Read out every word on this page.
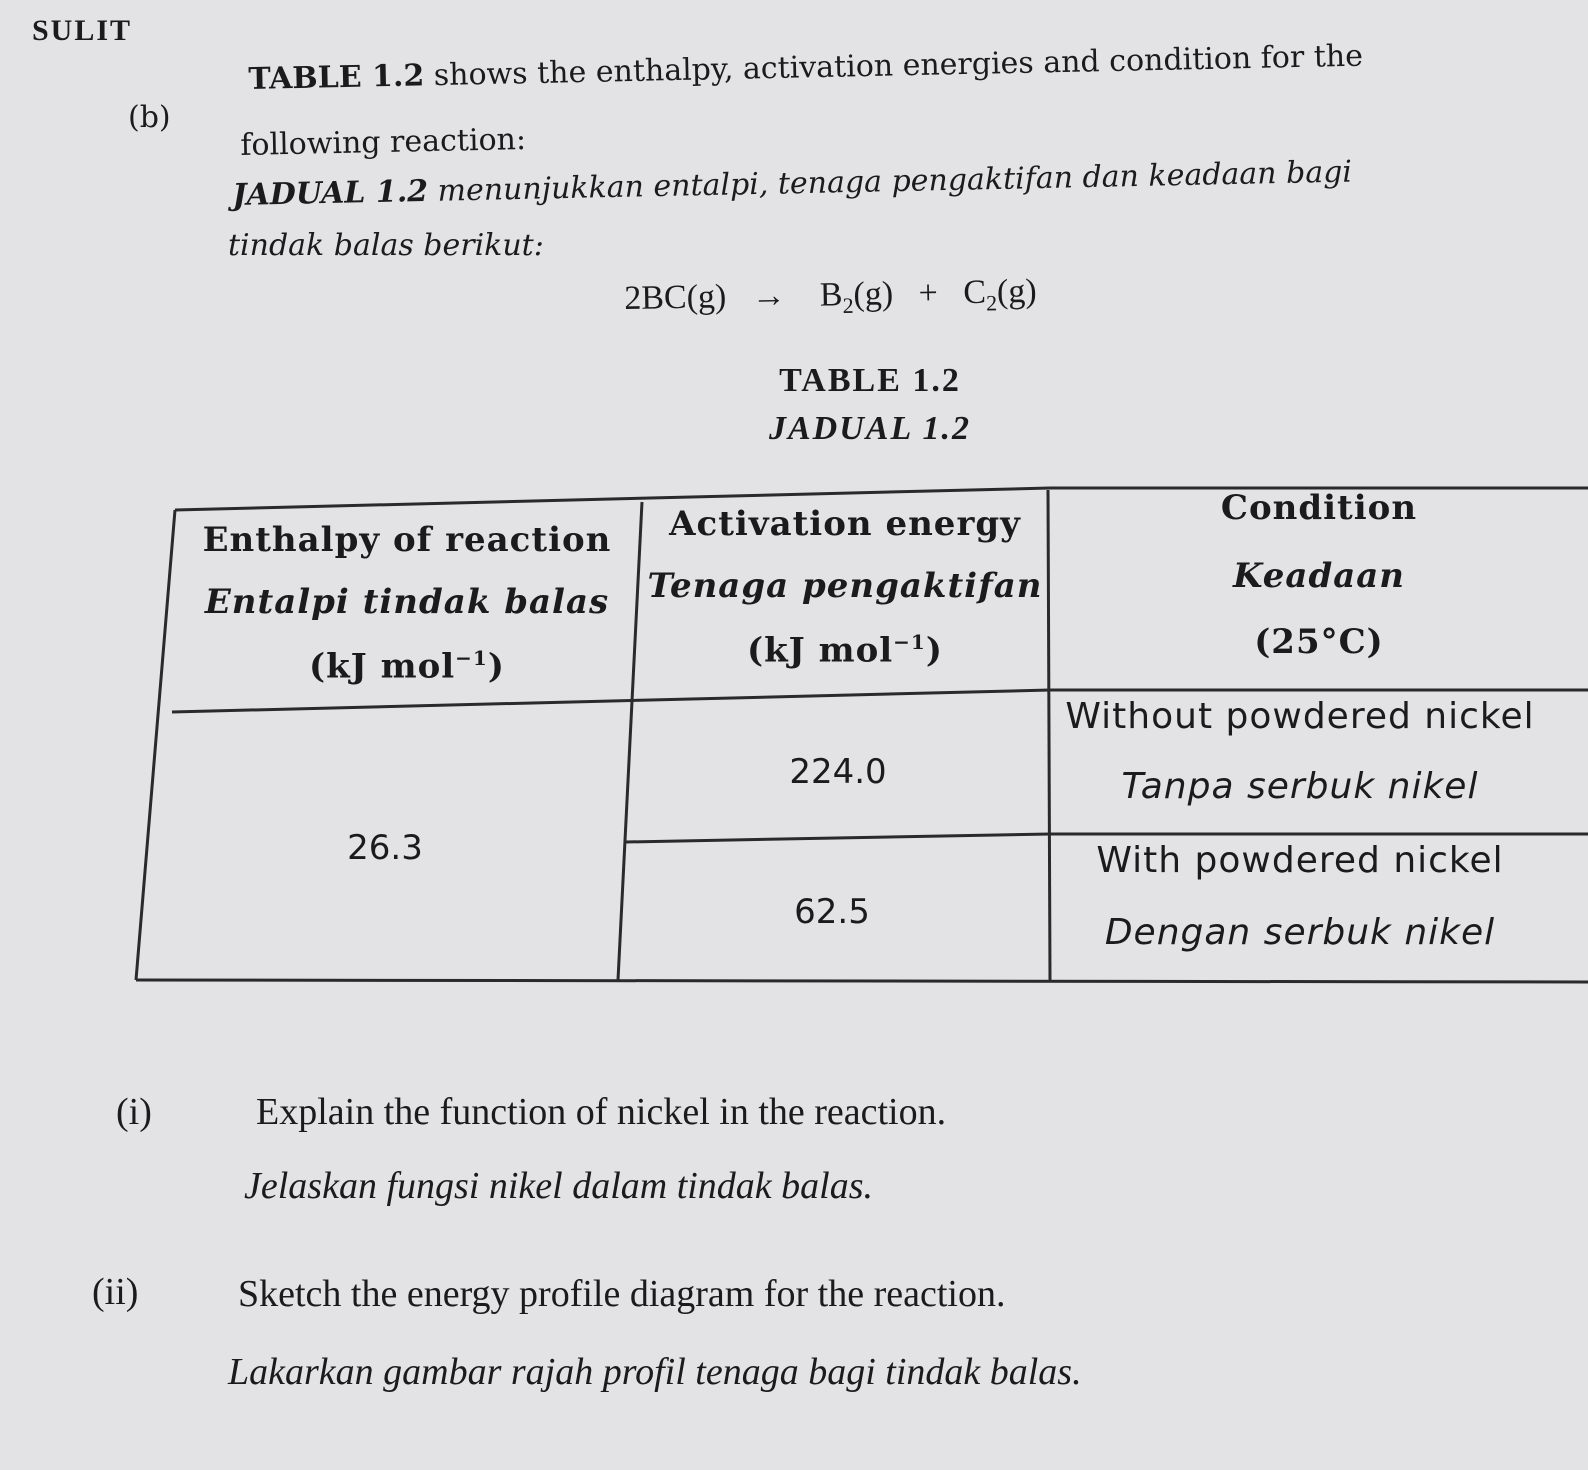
SULIT
(b)
TABLE 1.2 shows the enthalpy, activation energies and condition for the
following reaction:
JADUAL 1.2 menunjukkan entalpi, tenaga pengaktifan dan keadaan bagi
tindak balas berikut:
$2BC(g) \to B_2(g) + C_2(g)$
TABLE 1.2
JADUAL 1.2
Enthalpy of reaction
Entalpi tindak balas
(kJ mol$^{-1}$)
Activation energy
Tenaga pengaktifan
(kJ mol$^{-1}$)
Condition
Keadaan
(25°C)
26.3
224.0
Without powdered nickel
Tanpa serbuk nikel
62.5
With powdered nickel
Dengan serbuk nikel
(i)	Explain the function of nickel in the reaction.
Jelaskan fungsi nikel dalam tindak balas.
(ii)	Sketch the energy profile diagram for the reaction.
Lakarkan gambar rajah profil tenaga bagi tindak balas.
